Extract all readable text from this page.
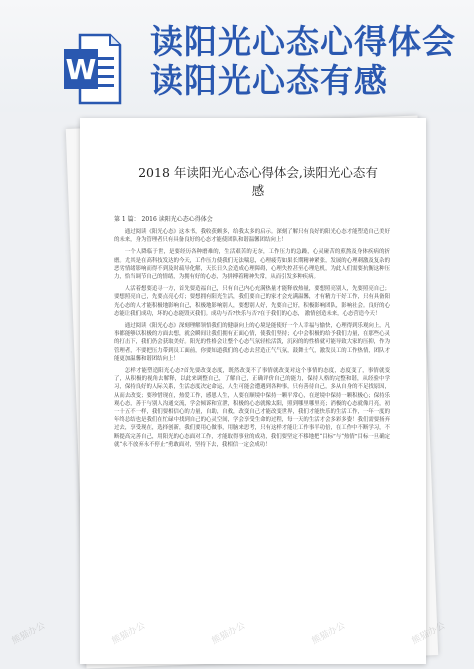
W
读阳光心态心得体会读阳光心态有感
2018 年读阳光心态心得体会,读阳光心态有感
第 1 篇： 2016 读阳光心态心得体会

通过阅读《阳光心态》这本书，我收获颇多，给我太多的启示。深刻了解只有良好的阳光心态才能塑造自己美好的未来，身为管理者只有具备良好的心态才能使团队和谐温馨团结向上！

一个人降临于世，是要经历各种磨难的，生活艰苦的无奈，工作压力的急躁，心灵碰苦的煎熬及身体疾病的折磨。尤其是在高科技发达的今天，工作压力使我们无法喘息，心理疲劳如果长期精神紧张，发展的心理刺激及复杂的恶劣情绪影响而得不到及时疏导化解，天长日久会造成心理障碍，心理失控甚至心理危机，为此人们需要抗衡这种压力，恰当调节自己的情绪，为拥有好的心态，为拼搏着精神失常，从而引发多种疾病。

人活着想要追寻一方，首先要造福自己，只有自己内心充满热量才能释放热量，要想照亮别人，先要照亮自己；要想照亮自己，先要点亮心灯；要想拥有阳光生活，我们要自己的家才会充满温馨，才有精力干好工作，只有具备阳光心态的人才能积极地影响自己，积极地影响别人，要想别人好，先要自己好，积极影响团队，影响社会。良好的心态能让我们成功，坏的心态能毁灭我们。成功与否?快乐与否?在于我们的心态， 激情创造未来，心态营造今天！

通过阅读《阳光心态》深刻理解领悟我们的健康向上的心境是能使好一个人幸福与愉快，心理得到乐观向上，凡事都能够以积极的方面去想，就会瞬间让我们拥有正面心情，使我们坚持；心中会积极的给予我们力量，在那些心灵的打击下，我们仍会获取美好。阳光的性格会让整个心态气氛轻松活泼，沉闷的的性格就可能导致大家的压抑，作为管理者，不要把压力带到员工面前，你要知道我们的心态去营造正气气氛，鼓舞士气，激发员工的工作热情，团队才能更加温馨和谐团结向上！

怎样才能塑造阳光心态?首先要改变态度，既然改变不了事情就改变对这个事情的态度，态度变了，事情就变了，从积极的视角去解释，以此来调整自己，了解自己，正确评价自己的能力，保持人格的完整和谐，从经验中学习，保持良好的人际关系，生活态度决定命运，人生可能会遭遇到各种事，只有善待自己，多从自身的不足找原因，从而去改变；要珍惜现在，热爱工作，感恩人生，人要在顺境中保持一颗平常心，在逆境中保持一颗积极心；保持乐观心态，善于与别人沟通交流，学会倾诉和宣泄，积极的心态就像太阳，照到哪里哪里亮；消极的心态就像月亮，初一十五不一样，我们要相信心的力量，自助，自救，改变自己才能改变世界，我们才能快乐的生活工作，一年一度的年终总结也是我们在忙碌中找到自己的心灵空间，学会享受生命的过程，每一天的生活才会多彩多姿！我们需要扬弃过去，享受现在，选择创新，我们要用心做事，用脑来思考，只有这样才能让工作事半功倍，在工作中不断学习，不断提高完善自己，用阳光的心态面对工作，才能取得事业的成功，我们要坚定不移地把“目标”与“热情”目标一旦确定就“永不放弃永不停止”勇敢面对，坚持下去，我相信一定会成功！

熊猫办公	熊猫办公	熊猫办公	熊猫办公	熊猫办公
